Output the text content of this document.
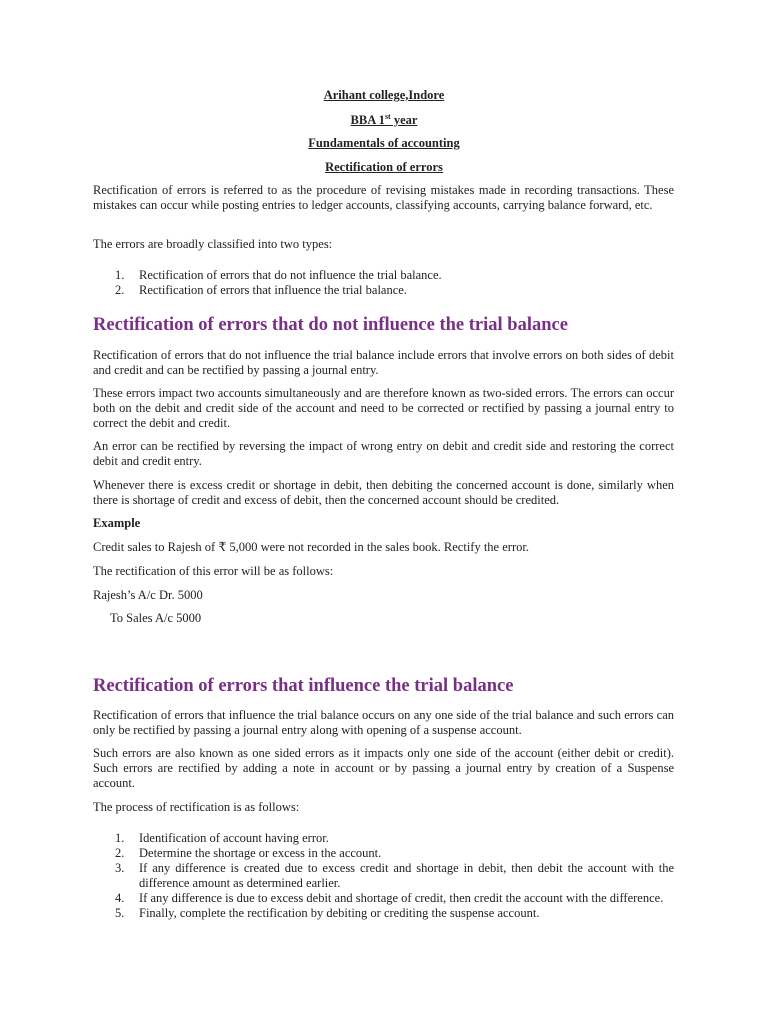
Arihant college,Indore
BBA 1st year
Fundamentals of accounting
Rectification of errors

Rectification of errors is referred to as the procedure of revising mistakes made in recording transactions. These mistakes can occur while posting entries to ledger accounts, classifying accounts, carrying balance forward, etc.

The errors are broadly classified into two types:

1. Rectification of errors that do not influence the trial balance.
2. Rectification of errors that influence the trial balance.
Rectification of errors that do not influence the trial balance

Rectification of errors that do not influence the trial balance include errors that involve errors on both sides of debit and credit and can be rectified by passing a journal entry.

These errors impact two accounts simultaneously and are therefore known as two-sided errors. The errors can occur both on the debit and credit side of the account and need to be corrected or rectified by passing a journal entry to correct the debit and credit.

An error can be rectified by reversing the impact of wrong entry on debit and credit side and restoring the correct debit and credit entry.

Whenever there is excess credit or shortage in debit, then debiting the concerned account is done, similarly when there is shortage of credit and excess of debit, then the concerned account should be credited.

Example

Credit sales to Rajesh of ₹ 5,000 were not recorded in the sales book. Rectify the error.

The rectification of this error will be as follows:

Rajesh’s A/c Dr. 5000

To Sales A/c 5000

Rectification of errors that influence the trial balance

Rectification of errors that influence the trial balance occurs on any one side of the trial balance and such errors can only be rectified by passing a journal entry along with opening of a suspense account.

Such errors are also known as one sided errors as it impacts only one side of the account (either debit or credit). Such errors are rectified by adding a note in account or by passing a journal entry by creation of a Suspense account.

The process of rectification is as follows:

1. Identification of account having error.
2. Determine the shortage or excess in the account.
3. If any difference is created due to excess credit and shortage in debit, then debit the account with the difference amount as determined earlier.
4. If any difference is due to excess debit and shortage of credit, then credit the account with the difference.
5. Finally, complete the rectification by debiting or crediting the suspense account.
